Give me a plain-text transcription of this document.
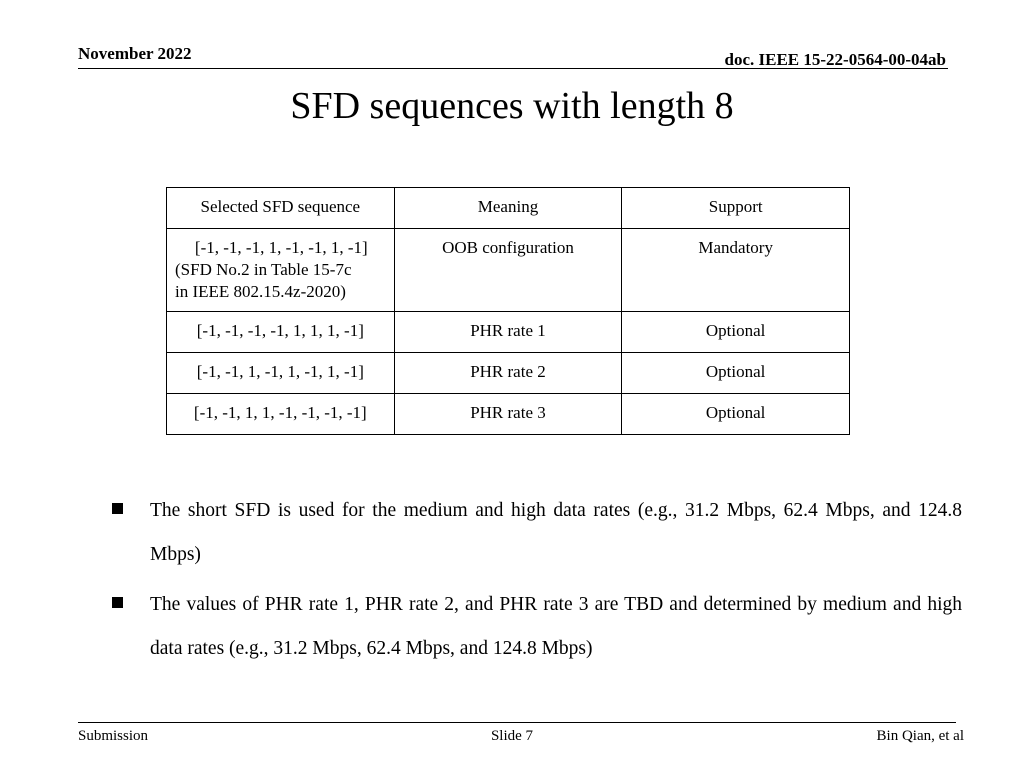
November 2022	doc. IEEE 15-22-0564-00-04ab
SFD sequences with length 8
Selected SFD sequence	Meaning	Support

[-1, -1, -1, 1, -1, -1, 1, -1]
(SFD No.2 in Table 15-7c
in IEEE 802.15.4z-2020)	OOB configuration	Mandatory
[-1, -1, -1, -1, 1, 1, 1, -1]	PHR rate 1	Optional
[-1, -1, 1, -1, 1, -1, 1, -1]	PHR rate 2	Optional
[-1, -1, 1, 1, -1, -1, -1, -1]	PHR rate 3	Optional
The short SFD is used for the medium and high data rates (e.g., 31.2 Mbps, 62.4 Mbps, and 124.8 Mbps)
The values of PHR rate 1, PHR rate 2, and PHR rate 3 are TBD and determined by medium and high data rates (e.g., 31.2 Mbps, 62.4 Mbps, and 124.8 Mbps)
Submission	Slide 7	Bin Qian, et al
